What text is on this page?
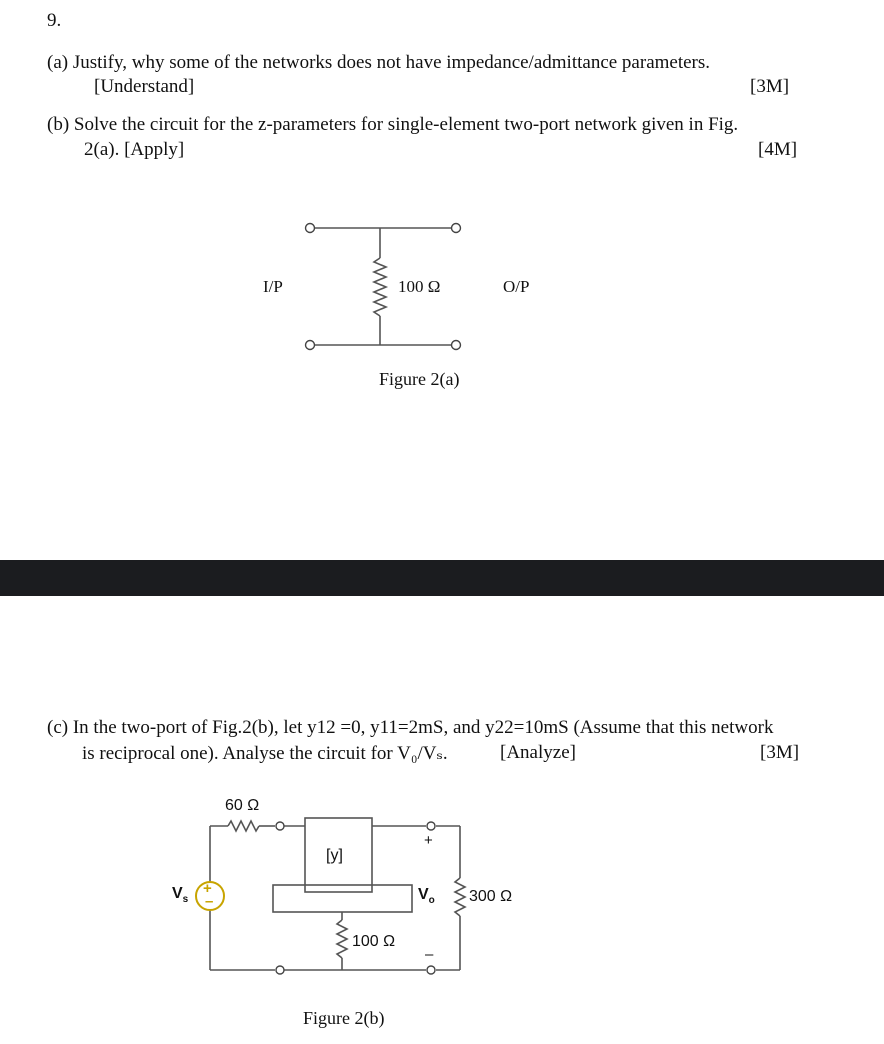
9.
(a) Justify, why some of the networks does not have impedance/admittance parameters.
[Understand]	[3M]
(b) Solve the circuit for the z-parameters for single-element two-port network given in Fig.
2(a). [Apply]	[4M]
I/P	100 Ω	O/P
Figure 2(a)
(c) In the two-port of Fig.2(b), let y12 =0, y11=2mS, and y22=10mS (Assume that this network
is reciprocal one). Analyse the circuit for V₀/Vₛ.	[Analyze]	[3M]
+
–
60 Ω
[y]
$V_s$
+
$V_o$
–
300 Ω
100 Ω
Figure 2(b)
